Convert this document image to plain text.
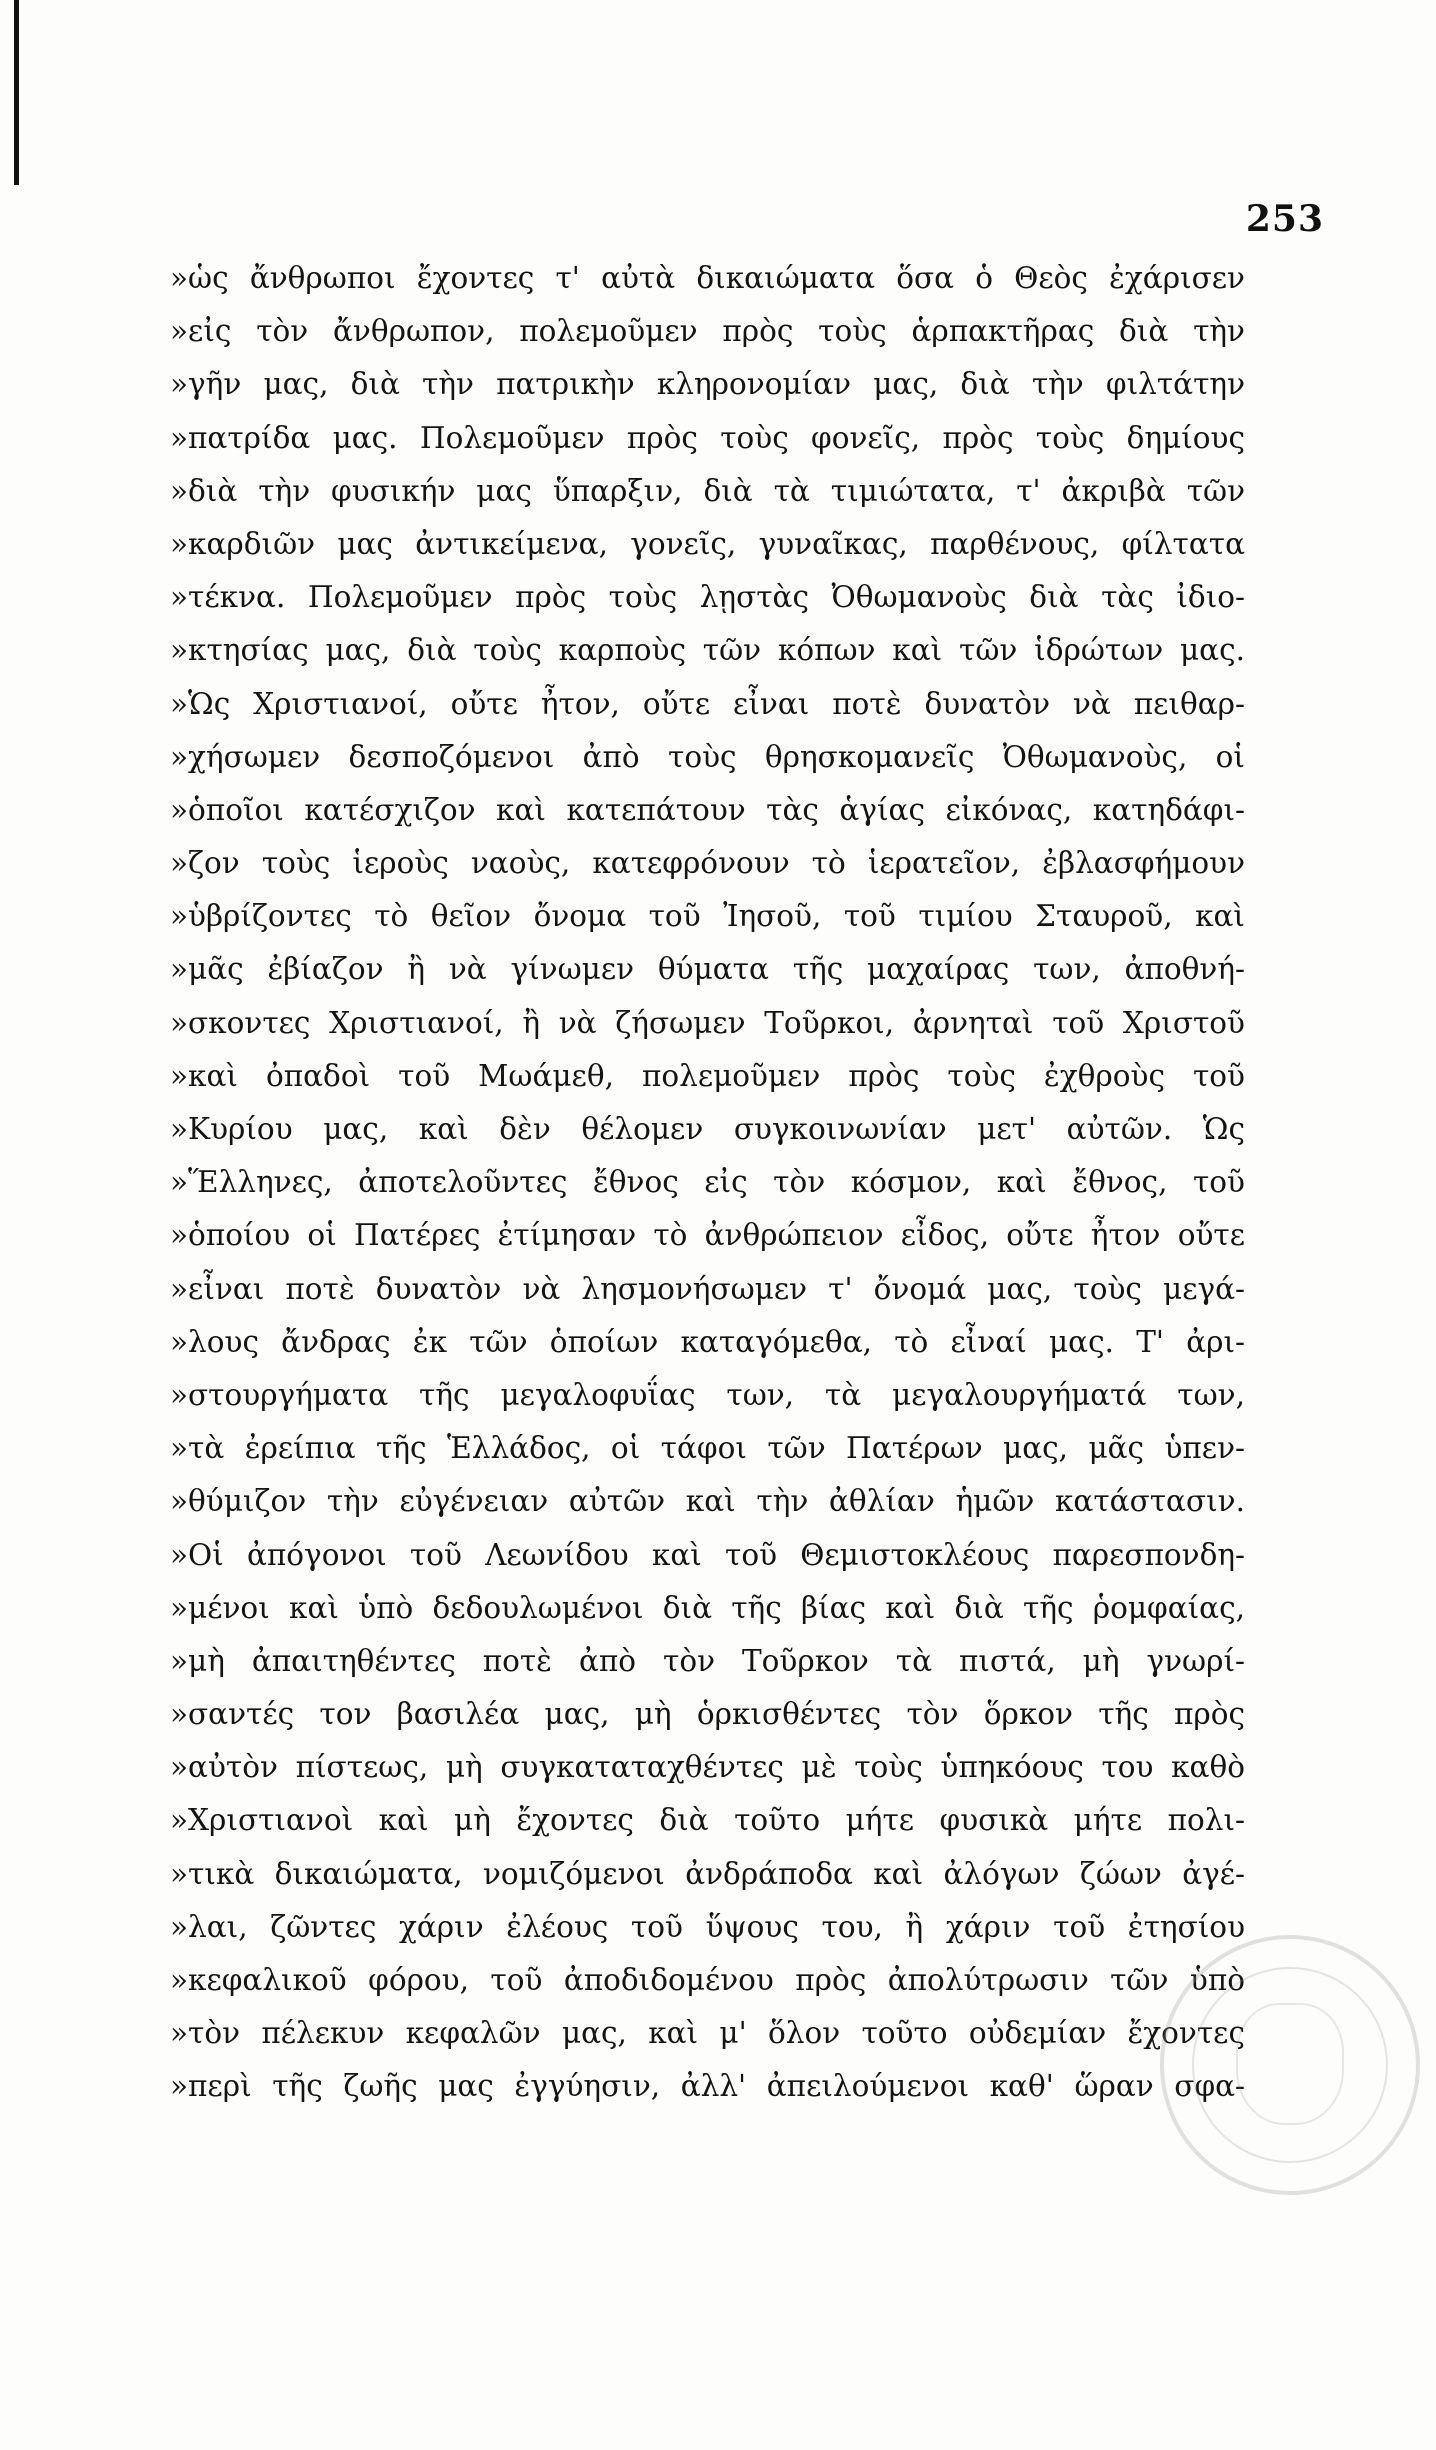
253
»ὡς ἄνθρωποι ἔχοντες τ' αὐτὰ δικαιώματα ὅσα ὁ Θεὸς ἐχάρισεν
»εἰς τὸν ἄνθρωπον, πολεμοῦμεν πρὸς τοὺς ἁρπακτῆρας διὰ τὴν
»γῆν μας, διὰ τὴν πατρικὴν κληρονομίαν μας, διὰ τὴν φιλτάτην
»πατρίδα μας. Πολεμοῦμεν πρὸς τοὺς φονεῖς, πρὸς τοὺς δημίους
»διὰ τὴν φυσικήν μας ὕπαρξιν, διὰ τὰ τιμιώτατα, τ' ἀκριβὰ τῶν
»καρδιῶν μας ἀντικείμενα, γονεῖς, γυναῖκας, παρθένους, φίλτατα
»τέκνα. Πολεμοῦμεν πρὸς τοὺς λῃστὰς Ὀθωμανοὺς διὰ τὰς ἰδιο-
»κτησίας μας, διὰ τοὺς καρποὺς τῶν κόπων καὶ τῶν ἱδρώτων μας.
»Ὡς Χριστιανοί, οὔτε ἦτον, οὔτε εἶναι ποτὲ δυνατὸν νὰ πειθαρ-
»χήσωμεν δεσποζόμενοι ἀπὸ τοὺς θρησκομανεῖς Ὀθωμανοὺς, οἱ
»ὁποῖοι κατέσχιζον καὶ κατεπάτουν τὰς ἁγίας εἰκόνας, κατηδάφι-
»ζον τοὺς ἱεροὺς ναοὺς, κατεφρόνουν τὸ ἱερατεῖον, ἐβλασφήμουν
»ὑβρίζοντες τὸ θεῖον ὄνομα τοῦ Ἰησοῦ, τοῦ τιμίου Σταυροῦ, καὶ
»μᾶς ἐβίαζον ἢ νὰ γίνωμεν θύματα τῆς μαχαίρας των, ἀποθνή-
»σκοντες Χριστιανοί, ἢ νὰ ζήσωμεν Τοῦρκοι, ἀρνηταὶ τοῦ Χριστοῦ
»καὶ ὀπαδοὶ τοῦ Μωάμεθ, πολεμοῦμεν πρὸς τοὺς ἐχθροὺς τοῦ
»Κυρίου μας, καὶ δὲν θέλομεν συγκοινωνίαν μετ' αὐτῶν. Ὡς
»Ἕλληνες, ἀποτελοῦντες ἔθνος εἰς τὸν κόσμον, καὶ ἔθνος, τοῦ
»ὁποίου οἱ Πατέρες ἐτίμησαν τὸ ἀνθρώπειον εἶδος, οὔτε ἦτον οὔτε
»εἶναι ποτὲ δυνατὸν νὰ λησμονήσωμεν τ' ὄνομά μας, τοὺς μεγά-
»λους ἄνδρας ἐκ τῶν ὁποίων καταγόμεθα, τὸ εἶναί μας. Τ' ἀρι-
»στουργήματα τῆς μεγαλοφυΐας των, τὰ μεγαλουργήματά των,
»τὰ ἐρείπια τῆς Ἑλλάδος, οἱ τάφοι τῶν Πατέρων μας, μᾶς ὑπεν-
»θύμιζον τὴν εὐγένειαν αὐτῶν καὶ τὴν ἀθλίαν ἡμῶν κατάστασιν.
»Οἱ ἀπόγονοι τοῦ Λεωνίδου καὶ τοῦ Θεμιστοκλέους παρεσπονδη-
»μένοι καὶ ὑπὸ δεδουλωμένοι διὰ τῆς βίας καὶ διὰ τῆς ῥομφαίας,
»μὴ ἀπαιτηθέντες ποτὲ ἀπὸ τὸν Τοῦρκον τὰ πιστά, μὴ γνωρί-
»σαντές τον βασιλέα μας, μὴ ὁρκισθέντες τὸν ὅρκον τῆς πρὸς
»αὐτὸν πίστεως, μὴ συγκαταταχθέντες μὲ τοὺς ὑπηκόους του καθὸ
»Χριστιανοὶ καὶ μὴ ἔχοντες διὰ τοῦτο μήτε φυσικὰ μήτε πολι-
»τικὰ δικαιώματα, νομιζόμενοι ἀνδράποδα καὶ ἀλόγων ζώων ἀγέ-
»λαι, ζῶντες χάριν ἐλέους τοῦ ὕψους του, ἢ χάριν τοῦ ἐτησίου
»κεφαλικοῦ φόρου, τοῦ ἀποδιδομένου πρὸς ἀπολύτρωσιν τῶν ὑπὸ
»τὸν πέλεκυν κεφαλῶν μας, καὶ μ' ὅλον τοῦτο οὐδεμίαν ἔχοντες
»περὶ τῆς ζωῆς μας ἐγγύησιν, ἀλλ' ἀπειλούμενοι καθ' ὥραν σφα-
